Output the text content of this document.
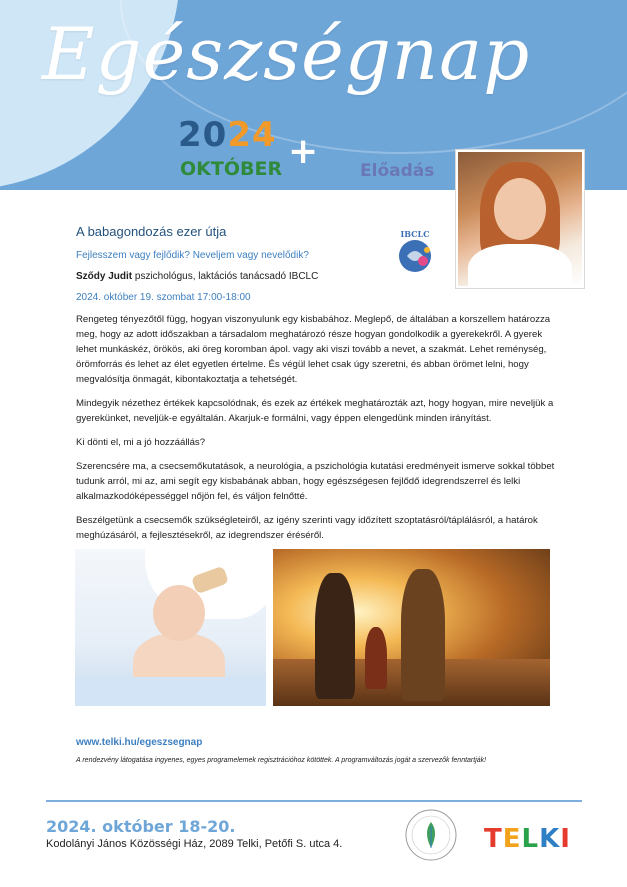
Egészségnap
2024
OKTÓBER + Előadás
IBCLC
A babagondozás ezer útja
Fejlesszem vagy fejlődik? Neveljem vagy nevelődik?
Sződy Judit pszichológus, laktációs tanácsadó IBCLC
2024. október 19. szombat 17:00-18:00

Rengeteg tényezőtől függ, hogyan viszonyulunk egy kisbabához. Meglepő, de általában a korszellem határozza meg, hogy az adott időszakban a társadalom meghatározó része hogyan gondolkodik a gyerekekről. A gyerek lehet munkáskéz, örökös, aki öreg koromban ápol. vagy aki viszi tovább a nevet, a szakmát. Lehet reménység, örömforrás és lehet az élet egyetlen értelme. És végül lehet csak úgy szeretni, és abban örömet lelni, hogy megvalósítja önmagát, kibontakoztatja a tehetségét.

Mindegyik nézethez értékek kapcsolódnak, és ezek az értékek meghatározták azt, hogy hogyan, mire neveljük a gyerekünket, neveljük-e egyáltalán. Akarjuk-e formálni, vagy éppen elengedünk minden irányítást.

Ki dönti el, mi a jó hozzáállás?

Szerencsére ma, a csecsemőkutatások, a neurológia, a pszichológia kutatási eredményeit ismerve sokkal többet tudunk arról, mi az, ami segít egy kisbabának abban, hogy egészségesen fejlődő idegrendszerrel és lelki alkalmazkodóképességgel nőjön fel, és váljon felnőtté.

Beszélgetünk a csecsemők szükségleteiről, az igény szerinti vagy időzített szoptatásról/táplálásról, a határok meghúzásáról, a fejlesztésekről, az idegrendszer éréséről.

www.telki.hu/egeszsegnap
A rendezvény látogatása ingyenes, egyes programelemek regisztrációhoz kötöttek. A programváltozás jogát a szervezők fenntartják!
2024. október 18-20.
Kodolányi János Közösségi Ház, 2089 Telki, Petőfi S. utca 4.	TELKI
